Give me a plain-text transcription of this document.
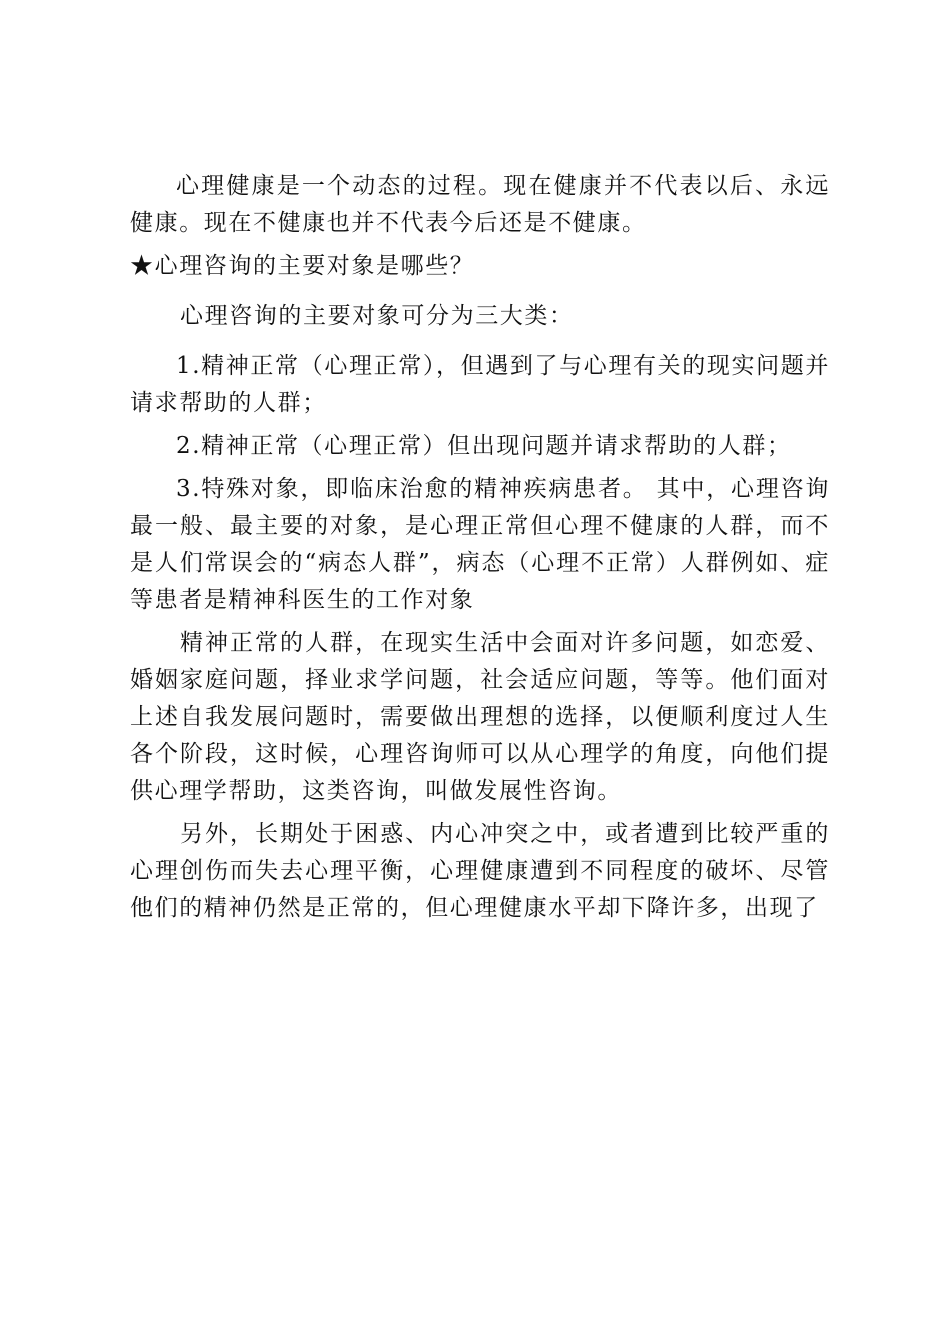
心理健康是一个动态的过程。现在健康并不代表以后、永远健康。现在不健康也并不代表今后还是不健康。

★心理咨询的主要对象是哪些？

心理咨询的主要对象可分为三大类：

1.精神正常（心理正常），但遇到了与心理有关的现实问题并请求帮助的人群；

2.精神正常（心理正常）但出现问题并请求帮助的人群；

3.特殊对象，即临床治愈的精神疾病患者。 其中，心理咨询最一般、最主要的对象，是心理正常但心理不健康的人群，而不是人们常误会的“病态人群”，病态（心理不正常）人群例如、症等患者是精神科医生的工作对象

精神正常的人群，在现实生活中会面对许多问题，如恋爱、婚姻家庭问题，择业求学问题，社会适应问题，等等。他们面对上述自我发展问题时，需要做出理想的选择，以便顺利度过人生各个阶段，这时候，心理咨询师可以从心理学的角度，向他们提供心理学帮助，这类咨询，叫做发展性咨询。

另外，长期处于困惑、内心冲突之中，或者遭到比较严重的心理创伤而失去心理平衡，心理健康遭到不同程度的破坏、尽管他们的精神仍然是正常的，但心理健康水平却下降许多，出现了
